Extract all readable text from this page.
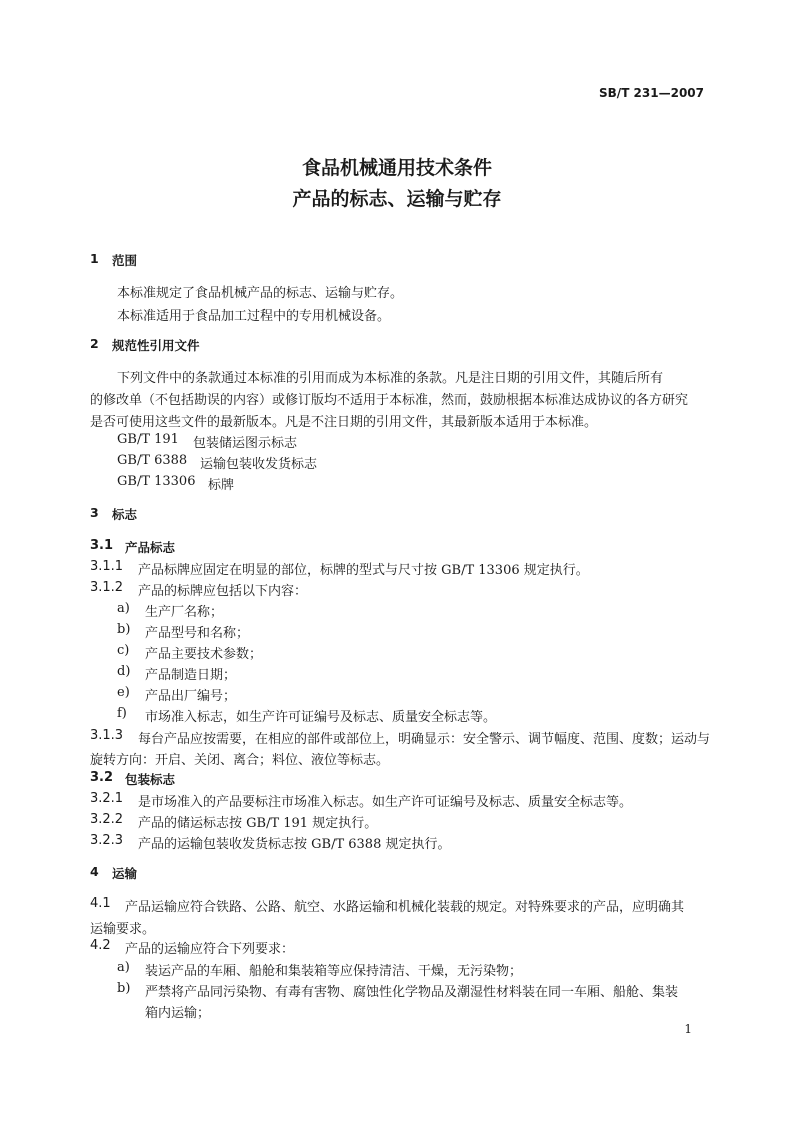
SB/T 231—2007
食品机械通用技术条件
产品的标志、运输与贮存
1 范围
本标准规定了食品机械产品的标志、运输与贮存。
本标准适用于食品加工过程中的专用机械设备。
2 规范性引用文件
下列文件中的条款通过本标准的引用而成为本标准的条款。凡是注日期的引用文件，其随后所有
的修改单（不包括勘误的内容）或修订版均不适用于本标准，然而，鼓励根据本标准达成协议的各方研究
是否可使用这些文件的最新版本。凡是不注日期的引用文件，其最新版本适用于本标准。
GB/T 191 包装储运图示标志
GB/T 6388 运输包装收发货标志
GB/T 13306 标牌
3 标志
3.1 产品标志
3.1.1 产品标牌应固定在明显的部位，标牌的型式与尺寸按 GB/T 13306 规定执行。
3.1.2 产品的标牌应包括以下内容：
a) 生产厂名称；
b) 产品型号和名称；
c) 产品主要技术参数；
d) 产品制造日期；
e) 产品出厂编号；
f) 市场准入标志，如生产许可证编号及标志、质量安全标志等。
3.1.3 每台产品应按需要，在相应的部件或部位上，明确显示：安全警示、调节幅度、范围、度数；运动与
旋转方向：开启、关闭、离合；料位、液位等标志。
3.2 包装标志
3.2.1 是市场准入的产品要标注市场准入标志。如生产许可证编号及标志、质量安全标志等。
3.2.2 产品的储运标志按 GB/T 191 规定执行。
3.2.3 产品的运输包装收发货标志按 GB/T 6388 规定执行。
4 运输
4.1 产品运输应符合铁路、公路、航空、水路运输和机械化装载的规定。对特殊要求的产品，应明确其
运输要求。
4.2 产品的运输应符合下列要求：
a) 装运产品的车厢、船舱和集装箱等应保持清洁、干燥，无污染物；
b) 严禁将产品同污染物、有毒有害物、腐蚀性化学物品及潮湿性材料装在同一车厢、船舱、集装
箱内运输；
1
